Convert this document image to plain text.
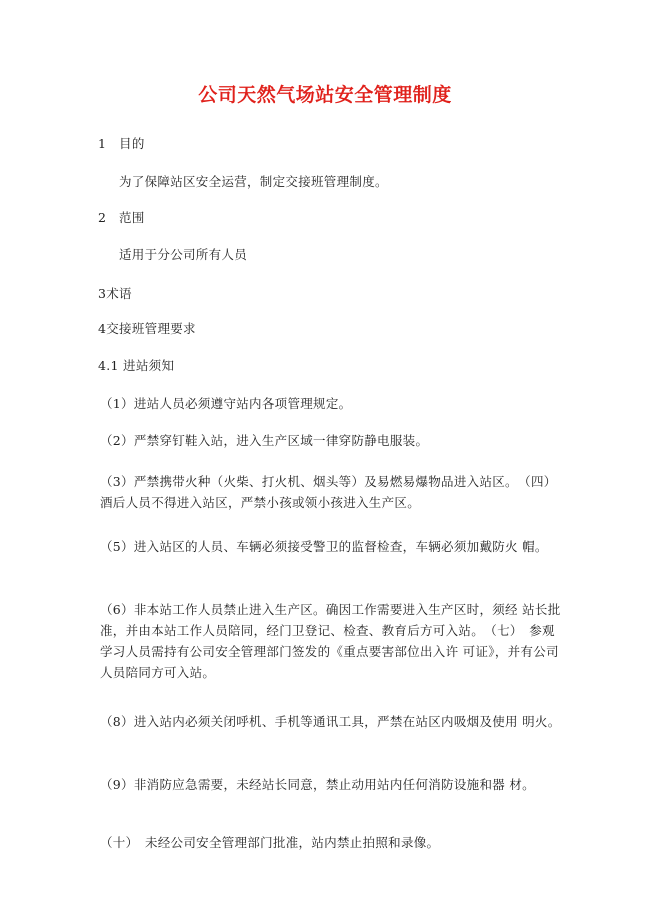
公司天然气场站安全管理制度
1　目的
为了保障站区安全运营，制定交接班管理制度。
2　范围
适用于分公司所有人员
3术语
4交接班管理要求
4.1 进站须知
（1）进站人员必须遵守站内各项管理规定。
（2）严禁穿钉鞋入站，进入生产区域一律穿防静电服装。
（3）严禁携带火种（火柴、打火机、烟头等）及易燃易爆物品进入站区。　（四）　酒后人员不得进入站区，严禁小孩或领小孩进入生产区。
（5）进入站区的人员、车辆必须接受警卫的监督检查，车辆必须加戴防火 帽。
（6）非本站工作人员禁止进入生产区。确因工作需要进入生产区时，须经 站长批准，并由本站工作人员陪同，经门卫登记、检查、教育后方可入站。　（七）　参观学习人员需持有公司安全管理部门签发的《重点要害部位出入许 可证》，并有公司人员陪同方可入站。
（8）进入站内必须关闭呼机、手机等通讯工具，严禁在站区内吸烟及使用 明火。
（9）非消防应急需要，未经站长同意，禁止动用站内任何消防设施和器 材。
（十）　未经公司安全管理部门批准，站内禁止拍照和录像。
